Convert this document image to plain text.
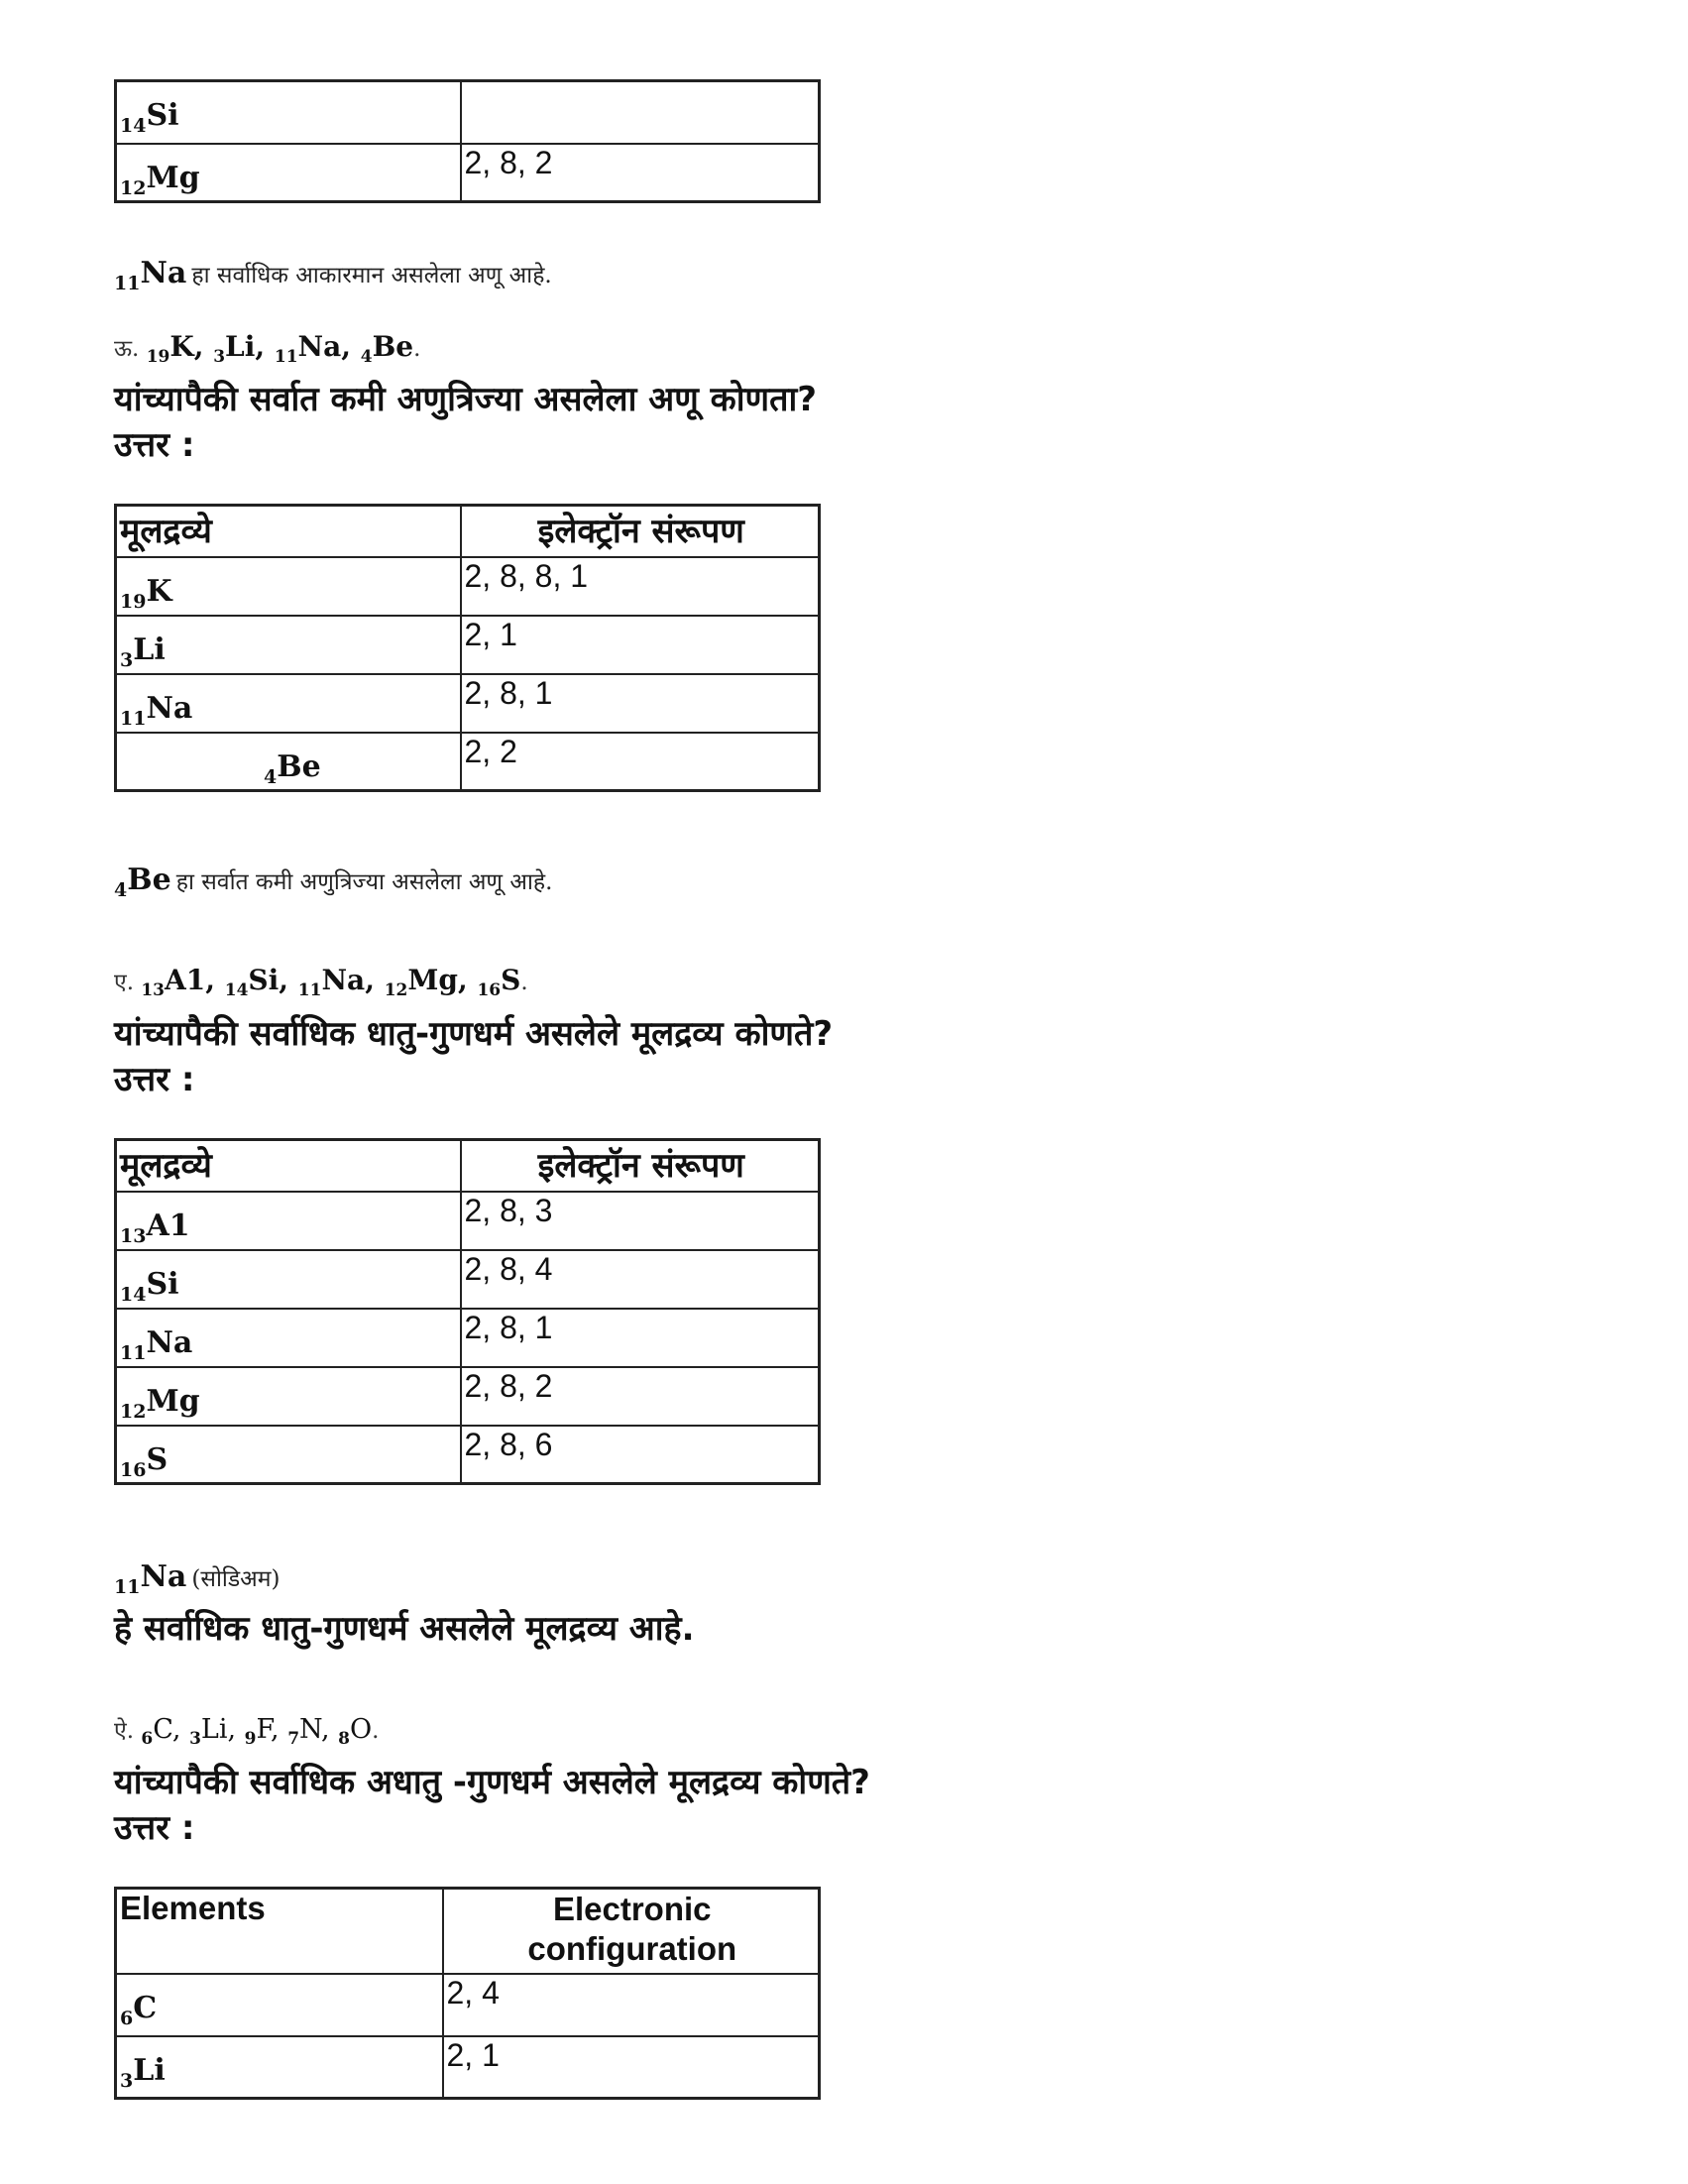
$_{14}$Si	
$_{12}$Mg	2, 8, 2
$_{11}$Na हा सर्वाधिक आकारमान असलेला अणू आहे.
ऊ. $_{19}$K, $_3$Li, $_{11}$Na, $_4$Be.
यांच्यापैकी सर्वात कमी अणुत्रिज्या असलेला अणू कोणता?
उत्तर :
मूलद्रव्ये	इलेक्ट्रॉन संरूपण
$_{19}$K	2, 8, 8, 1
$_3$Li	2, 1
$_{11}$Na	2, 8, 1
$_4$Be	2, 2
$_4$Be हा सर्वात कमी अणुत्रिज्या असलेला अणू आहे.
ए. $_{13}$A1, $_{14}$Si, $_{11}$Na, $_{12}$Mg, $_{16}$S.
यांच्यापैकी सर्वाधिक धातु-गुणधर्म असलेले मूलद्रव्य कोणते?
उत्तर :
मूलद्रव्ये	इलेक्ट्रॉन संरूपण
$_{13}$A1	2, 8, 3
$_{14}$Si	2, 8, 4
$_{11}$Na	2, 8, 1
$_{12}$Mg	2, 8, 2
$_{16}$S	2, 8, 6
$_{11}$Na (सोडिअम)
हे सर्वाधिक धातु-गुणधर्म असलेले मूलद्रव्य आहे.
ऐ. $_6$C, $_3$Li, $_9$F, $_7$N, $_8$O.
यांच्यापैकी सर्वाधिक अधातु -गुणधर्म असलेले मूलद्रव्य कोणते?
उत्तर :
Elements	Electronic configuration
$_6$C	2, 4
$_3$Li	2, 1
